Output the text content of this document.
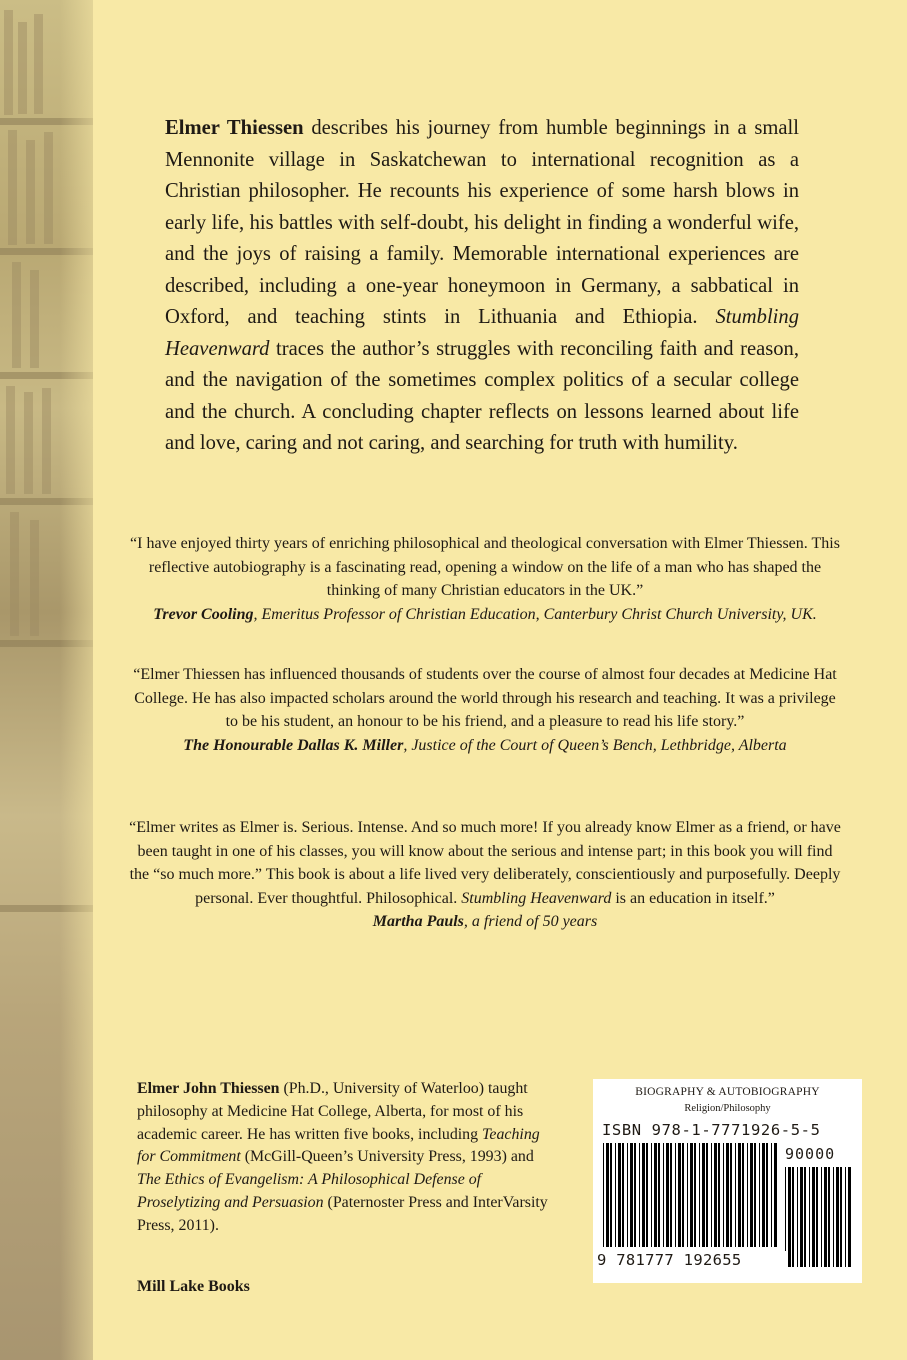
Elmer Thiessen describes his journey from humble beginnings in a small Mennonite village in Saskatchewan to international recognition as a Christian philosopher. He recounts his experience of some harsh blows in early life, his battles with self-doubt, his delight in finding a wonderful wife, and the joys of raising a family. Memorable international experiences are described, including a one-year honeymoon in Germany, a sabbatical in Oxford, and teaching stints in Lithuania and Ethiopia. Stumbling Heavenward traces the author’s struggles with reconciling faith and reason, and the navigation of the sometimes complex politics of a secular college and the church. A concluding chapter reflects on lessons learned about life and love, caring and not caring, and searching for truth with humility.

“I have enjoyed thirty years of enriching philosophical and theological conversation with Elmer Thiessen. This reflective autobiography is a fascinating read, opening a window on the life of a man who has shaped the thinking of many Christian educators in the UK.”
Trevor Cooling, Emeritus Professor of Christian Education, Canterbury Christ Church University, UK.

“Elmer Thiessen has influenced thousands of students over the course of almost four decades at Medicine Hat College. He has also impacted scholars around the world through his research and teaching. It was a privilege to be his student, an honour to be his friend, and a pleasure to read his life story.”
The Honourable Dallas K. Miller, Justice of the Court of Queen’s Bench, Lethbridge, Alberta

“Elmer writes as Elmer is. Serious. Intense. And so much more! If you already know Elmer as a friend, or have been taught in one of his classes, you will know about the serious and intense part; in this book you will find the “so much more.” This book is about a life lived very deliberately, conscientiously and purposefully. Deeply personal. Ever thoughtful. Philosophical. Stumbling Heavenward is an education in itself.”
Martha Pauls, a friend of 50 years

Elmer John Thiessen (Ph.D., University of Waterloo) taught philosophy at Medicine Hat College, Alberta, for most of his academic career. He has written five books, including Teaching for Commitment (McGill-Queen’s University Press, 1993) and The Ethics of Evangelism: A Philosophical Defense of Proselytizing and Persuasion (Paternoster Press and InterVarsity Press, 2011).

Mill Lake Books

BIOGRAPHY & AUTOBIOGRAPHY
Religion/Philosophy
ISBN 978-1-7771926-5-5
90000
9 781777 192655
